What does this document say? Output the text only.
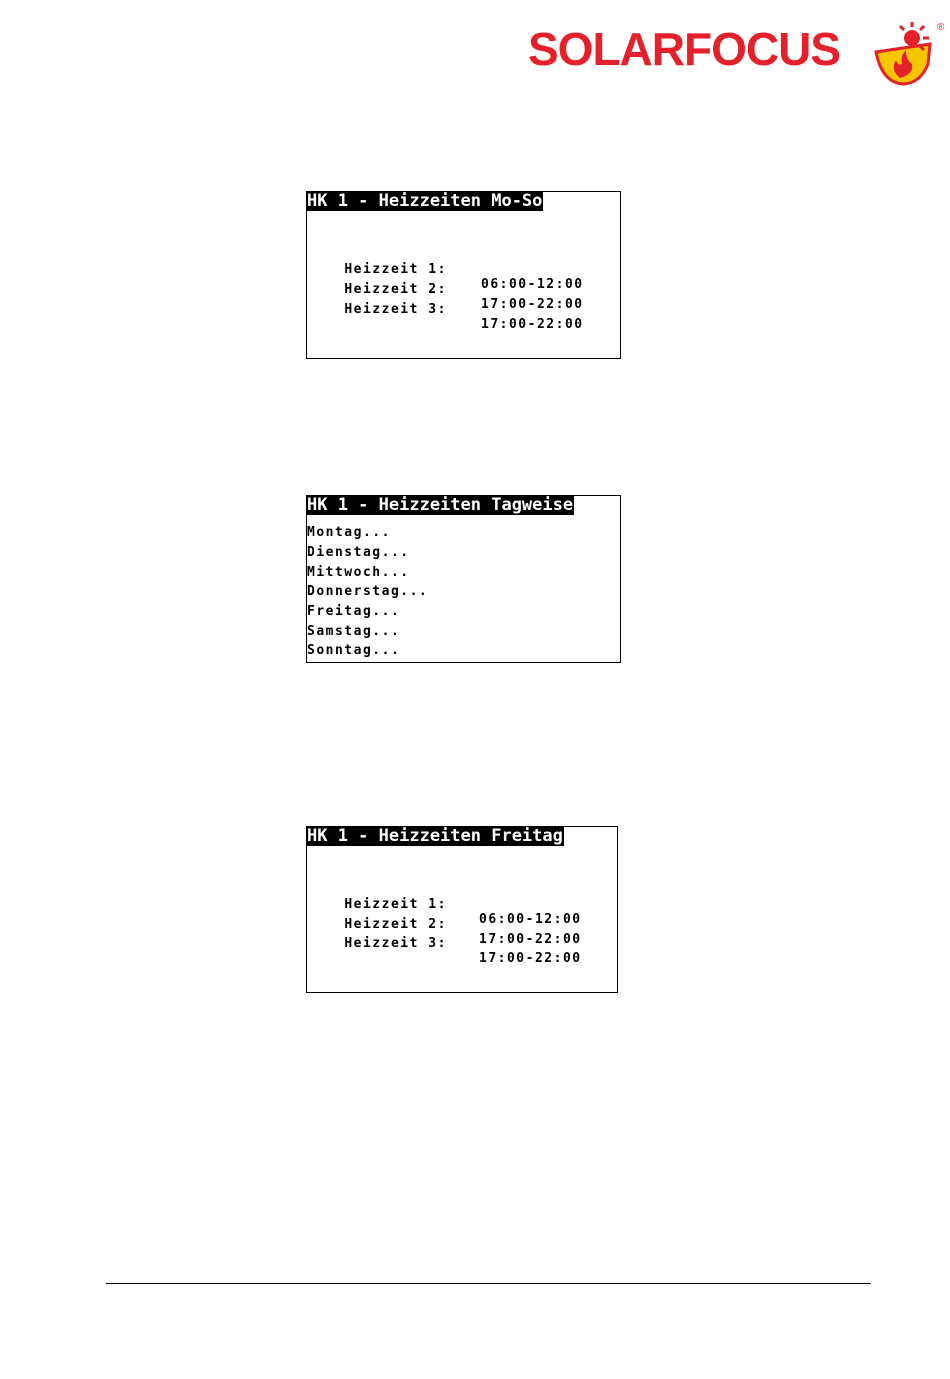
SOLARFOCUS	®
HK 1 - Heizzeiten Mo-So

Heizzeit 1:

06:00-12:00

Heizzeit 2:

17:00-22:00

Heizzeit 3:

17:00-22:00

HK 1 - Heizzeiten Tagweise
Montag...
Dienstag...
Mittwoch...
Donnerstag...
Freitag...
Samstag...
Sonntag...
HK 1 - Heizzeiten Freitag

Heizzeit 1:

06:00-12:00

Heizzeit 2:

17:00-22:00

Heizzeit 3:

17:00-22:00
